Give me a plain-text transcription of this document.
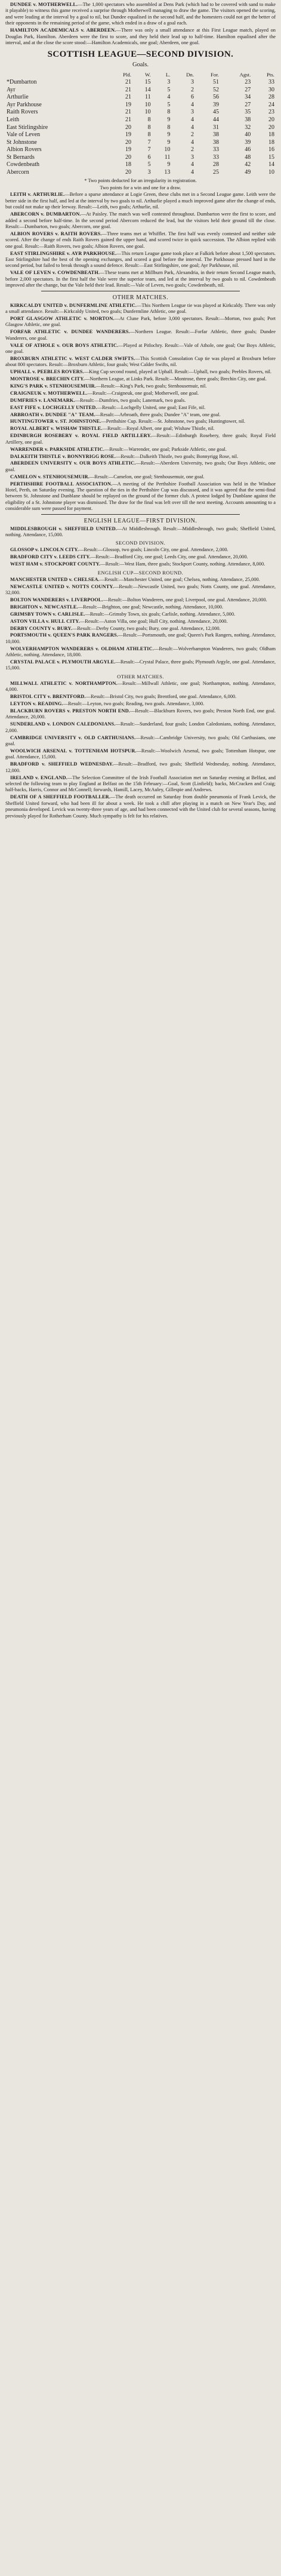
DUNDEE v. MOTHERWELL.—The 1,000 spectators who assembled at Dens Park (which had to be covered with sand to make it playable) to witness this game received a surprise through Motherwell managing to draw the game. The visitors opened the scoring, and were leading at the interval by a goal to nil, but Dundee equalised in the second half, and the homesters could not get the better of their opponents in the remaining period of the game, which ended in a draw of a goal each.
HAMILTON ACADEMICALS v. ABERDEEN.—There was only a small attendance at this First League match, played on Douglas Park, Hamilton. Aberdeen were the first to score, and they held their lead up to half-time. Hamilton equalised after the interval, and at the close the score stood:—Hamilton Academicals, one goal; Aberdeen, one goal.
SCOTTISH LEAGUE—SECOND DIVISION.
Goals.
	Pld.	W.	L.	Dn.	For.	Agst.	Pts.
*Dumbarton	21	15	3	3	51	23	33
Ayr	21	14	5	2	52	27	30
Arthurlie	21	11	4	6	56	34	28
Ayr Parkhouse	19	10	5	4	39	27	24
Raith Rovers	21	10	8	3	45	35	23
Leith	21	8	9	4	44	38	20
East Stirlingshire	20	8	8	4	31	32	20
Vale of Leven	19	8	9	2	38	40	18
St Johnstone	20	7	9	4	38	39	18
Albion Rovers	19	7	10	2	33	46	16
St Bernards	20	6	11	3	33	48	15
Cowdenbeath	18	5	9	4	28	42	14
Abercorn	20	3	13	4	25	49	10
* Two points deducted for an irregularity in registration.
Two points for a win and one for a draw.
LEITH v. ARTHURLIE.—Before a sparse attendance at Logie Green, these clubs met in a Second League game. Leith were the better side in the first half, and led at the interval by two goals to nil. Arthurlie played a much improved game after the change of ends, but could not make up their leeway. Result:—Leith, two goals; Arthurlie, nil.
ABERCORN v. DUMBARTON.—At Paisley. The match was well contested throughout. Dumbarton were the first to score, and added a second before half-time. In the second period Abercorn reduced the lead, but the visitors held their ground till the close. Result:—Dumbarton, two goals; Abercorn, one goal.
ALBION ROVERS v. RAITH ROVERS.—Three teams met at Whifflet. The first half was evenly contested and neither side scored. After the change of ends Raith Rovers gained the upper hand, and scored twice in quick succession. The Albion replied with one goal. Result:—Raith Rovers, two goals; Albion Rovers, one goal.
EAST STIRLINGSHIRE v. AYR PARKHOUSE.—This return League game took place at Falkirk before about 1,500 spectators. East Stirlingshire had the best of the opening exchanges, and scored a goal before the interval. The Parkhouse pressed hard in the second period, but failed to break through a sound defence. Result:—East Stirlingshire, one goal; Ayr Parkhouse, nil.
VALE OF LEVEN v. COWDENBEATH.—These teams met at Millburn Park, Alexandria, in their return Second League match, before 2,000 spectators. In the first half the Vale were the superior team, and led at the interval by two goals to nil. Cowdenbeath improved after the change, but the Vale held their lead. Result:—Vale of Leven, two goals; Cowdenbeath, nil.
OTHER MATCHES.
KIRKCALDY UNITED v. DUNFERMLINE ATHLETIC.—This Northern League tie was played at Kirkcaldy. There was only a small attendance. Result:—Kirkcaldy United, two goals; Dunfermline Athletic, one goal.
PORT GLASGOW ATHLETIC v. MORTON.—At Clune Park, before 3,000 spectators. Result:—Morton, two goals; Port Glasgow Athletic, one goal.
FORFAR ATHLETIC v. DUNDEE WANDERERS.—Northern League. Result:—Forfar Athletic, three goals; Dundee Wanderers, one goal.
VALE OF ATHOLE v. OUR BOYS ATHLETIC.—Played at Pitlochry. Result:—Vale of Athole, one goal; Our Boys Athletic, one goal.
BROXBURN ATHLETIC v. WEST CALDER SWIFTS.—This Scottish Consolation Cup tie was played at Broxburn before about 800 spectators. Result:—Broxburn Athletic, four goals; West Calder Swifts, nil.
UPHALL v. PEEBLES ROVERS.—King Cup second round, played at Uphall. Result:—Uphall, two goals; Peebles Rovers, nil.
MONTROSE v. BRECHIN CITY.—Northern League, at Links Park. Result:—Montrose, three goals; Brechin City, one goal.
KING'S PARK v. STENHOUSEMUIR.—Result:—King's Park, two goals; Stenhousemuir, nil.
CRAIGNEUK v. MOTHERWELL.—Result:—Craigneuk, one goal; Motherwell, one goal.
DUMFRIES v. LANEMARK.—Result:—Dumfries, two goals; Lanemark, two goals.
EAST FIFE v. LOCHGELLY UNITED.—Result:—Lochgelly United, one goal; East Fife, nil.
ARBROATH v. DUNDEE "A" TEAM.—Result:—Arbroath, three goals; Dundee "A" team, one goal.
HUNTINGTOWER v. ST. JOHNSTONE.—Perthshire Cup. Result:—St. Johnstone, two goals; Huntingtower, nil.
ROYAL ALBERT v. WISHAW THISTLE.—Result:—Royal Albert, one goal; Wishaw Thistle, nil.
EDINBURGH ROSEBERY v. ROYAL FIELD ARTILLERY.—Result:—Edinburgh Rosebery, three goals; Royal Field Artillery, one goal.
WARRENDER v. PARKSIDE ATHLETIC.—Result:—Warrender, one goal; Parkside Athletic, one goal.
DALKEITH THISTLE v. BONNYRIGG ROSE.—Result:—Dalkeith Thistle, two goals; Bonnyrigg Rose, nil.
ABERDEEN UNIVERSITY v. OUR BOYS ATHLETIC.—Result:—Aberdeen University, two goals; Our Boys Athletic, one goal.
CAMELON v. STENHOUSEMUIR.—Result:—Camelon, one goal; Stenhousemuir, one goal.
PERTHSHIRE FOOTBALL ASSOCIATION.—A meeting of the Perthshire Football Association was held in the Windsor Hotel, Perth, on Saturday evening. The question of the ties in the Perthshire Cup was discussed, and it was agreed that the semi-final between St. Johnstone and Dunblane should be replayed on the ground of the former club. A protest lodged by Dunblane against the eligibility of a St. Johnstone player was dismissed. The draw for the final was left over till the next meeting. Accounts amounting to a considerable sum were passed for payment.
ENGLISH LEAGUE—FIRST DIVISION.
MIDDLESBROUGH v. SHEFFIELD UNITED.—At Middlesbrough. Result:—Middlesbrough, two goals; Sheffield United, nothing. Attendance, 15,000.
SECOND DIVISION.
GLOSSOP v. LINCOLN CITY.—Result:—Glossop, two goals; Lincoln City, one goal. Attendance, 2,000.
BRADFORD CITY v. LEEDS CITY.—Result:—Bradford City, one goal; Leeds City, one goal. Attendance, 20,000.
WEST HAM v. STOCKPORT COUNTY.—Result:—West Ham, three goals; Stockport County, nothing. Attendance, 8,000.
ENGLISH CUP—SECOND ROUND.
MANCHESTER UNITED v. CHELSEA.—Result:—Manchester United, one goal; Chelsea, nothing. Attendance, 25,000.
NEWCASTLE UNITED v. NOTTS COUNTY.—Result:—Newcastle United, two goals; Notts County, one goal. Attendance, 32,000.
BOLTON WANDERERS v. LIVERPOOL.—Result:—Bolton Wanderers, one goal; Liverpool, one goal. Attendance, 20,000.
BRIGHTON v. NEWCASTLE.—Result:—Brighton, one goal; Newcastle, nothing. Attendance, 10,000.
GRIMSBY TOWN v. CARLISLE.—Result:—Grimsby Town, six goals; Carlisle, nothing. Attendance, 5,000.
ASTON VILLA v. HULL CITY.—Result:—Aston Villa, one goal; Hull City, nothing. Attendance, 20,000.
DERBY COUNTY v. BURY.—Result:—Derby County, two goals; Bury, one goal. Attendance, 12,000.
PORTSMOUTH v. QUEEN'S PARK RANGERS.—Result:—Portsmouth, one goal; Queen's Park Rangers, nothing. Attendance, 10,000.
WOLVERHAMPTON WANDERERS v. OLDHAM ATHLETIC.—Result:—Wolverhampton Wanderers, two goals; Oldham Athletic, nothing. Attendance, 18,000.
CRYSTAL PALACE v. PLYMOUTH ARGYLE.—Result:—Crystal Palace, three goals; Plymouth Argyle, one goal. Attendance, 15,000.
OTHER MATCHES.
MILLWALL ATHLETIC v. NORTHAMPTON.—Result:—Millwall Athletic, one goal; Northampton, nothing. Attendance, 4,000.
BRISTOL CITY v. BRENTFORD.—Result:—Bristol City, two goals; Brentford, one goal. Attendance, 6,000.
LEYTON v. READING.—Result:—Leyton, two goals; Reading, two goals. Attendance, 3,000.
BLACKBURN ROVERS v. PRESTON NORTH END.—Result:—Blackburn Rovers, two goals; Preston North End, one goal. Attendance, 20,000.
SUNDERLAND v. LONDON CALEDONIANS.—Result:—Sunderland, four goals; London Caledonians, nothing. Attendance, 2,000.
CAMBRIDGE UNIVERSITY v. OLD CARTHUSIANS.—Result:—Cambridge University, two goals; Old Carthusians, one goal.
WOOLWICH ARSENAL v. TOTTENHAM HOTSPUR.—Result:—Woolwich Arsenal, two goals; Tottenham Hotspur, one goal. Attendance, 15,000.
BRADFORD v. SHEFFIELD WEDNESDAY.—Result:—Bradford, two goals; Sheffield Wednesday, nothing. Attendance, 12,000.
IRELAND v. ENGLAND.—The Selection Committee of the Irish Football Association met on Saturday evening at Belfast, and selected the following team to play England at Belfast on the 15th February:—Goal, Scott (Linfield); backs, McCracken and Craig; half-backs, Harris, Connor and McConnell; forwards, Hamill, Lacey, McAuley, Gillespie and Andrews.
DEATH OF A SHEFFIELD FOOTBALLER.—The death occurred on Saturday from double pneumonia of Frank Levick, the Sheffield United forward, who had been ill for about a week. He took a chill after playing in a match on New Year's Day, and pneumonia developed. Levick was twenty-three years of age, and had been connected with the United club for several seasons, having previously played for Rotherham County. Much sympathy is felt for his relatives.
